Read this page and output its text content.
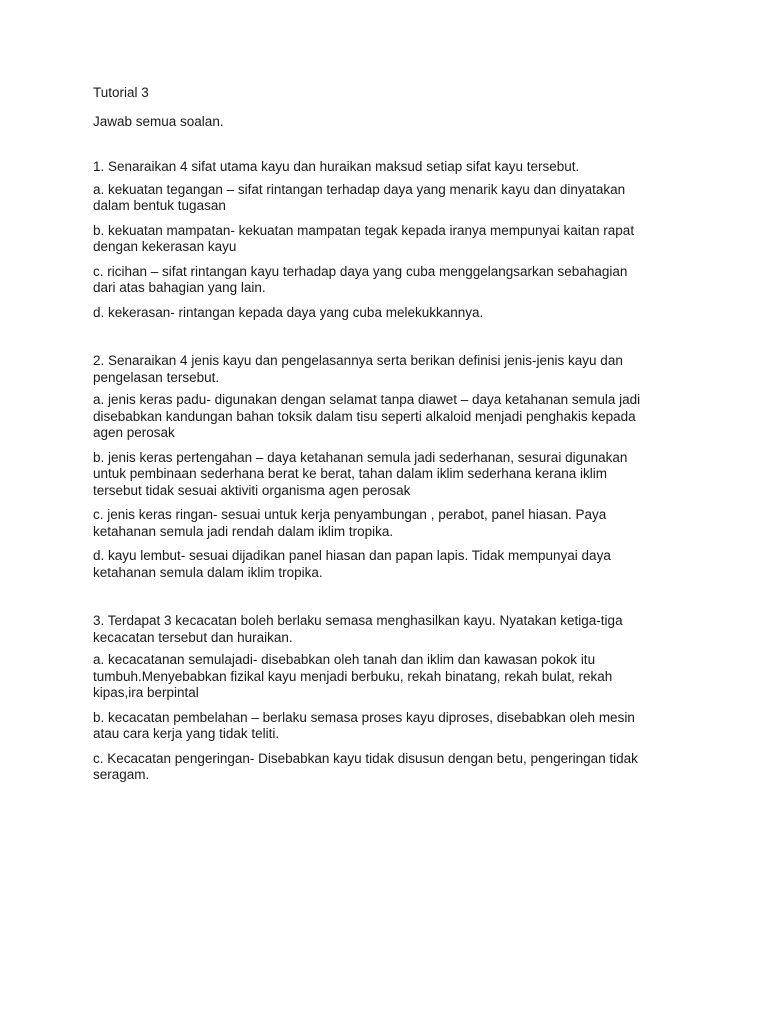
Tutorial 3

Jawab semua soalan.

1. Senaraikan 4 sifat utama kayu dan huraikan maksud setiap sifat kayu tersebut.

a. kekuatan tegangan – sifat rintangan terhadap daya yang menarik kayu dan dinyatakan

dalam bentuk tugasan

b. kekuatan mampatan- kekuatan mampatan tegak kepada iranya mempunyai kaitan rapat

dengan kekerasan kayu

c. ricihan – sifat rintangan kayu terhadap daya yang cuba menggelangsarkan sebahagian

dari atas bahagian yang lain.

d. kekerasan- rintangan kepada daya yang cuba melekukkannya.

2. Senaraikan 4 jenis kayu dan pengelasannya serta berikan definisi jenis-jenis kayu dan

pengelasan tersebut.

a. jenis keras padu- digunakan dengan selamat tanpa diawet – daya ketahanan semula jadi

disebabkan kandungan bahan toksik dalam tisu seperti alkaloid menjadi penghakis kepada

agen perosak

b. jenis keras pertengahan – daya ketahanan semula jadi sederhanan, sesurai digunakan

untuk pembinaan sederhana berat ke berat, tahan dalam iklim sederhana kerana iklim

tersebut tidak sesuai aktiviti organisma agen perosak

c. jenis keras ringan- sesuai untuk kerja penyambungan , perabot, panel hiasan. Paya

ketahanan semula jadi rendah dalam iklim tropika.

d. kayu lembut- sesuai dijadikan panel hiasan dan papan lapis. Tidak mempunyai daya

ketahanan semula dalam iklim tropika.

3. Terdapat 3 kecacatan boleh berlaku semasa menghasilkan kayu. Nyatakan ketiga-tiga

kecacatan tersebut dan huraikan.

a. kecacatanan semulajadi- disebabkan oleh tanah dan iklim dan kawasan pokok itu

tumbuh.Menyebabkan fizikal kayu menjadi berbuku, rekah binatang, rekah bulat, rekah

kipas,ira berpintal

b. kecacatan pembelahan – berlaku semasa proses kayu diproses, disebabkan oleh mesin

atau cara kerja yang tidak teliti.

c. Kecacatan pengeringan- Disebabkan kayu tidak disusun dengan betu, pengeringan tidak

seragam.
